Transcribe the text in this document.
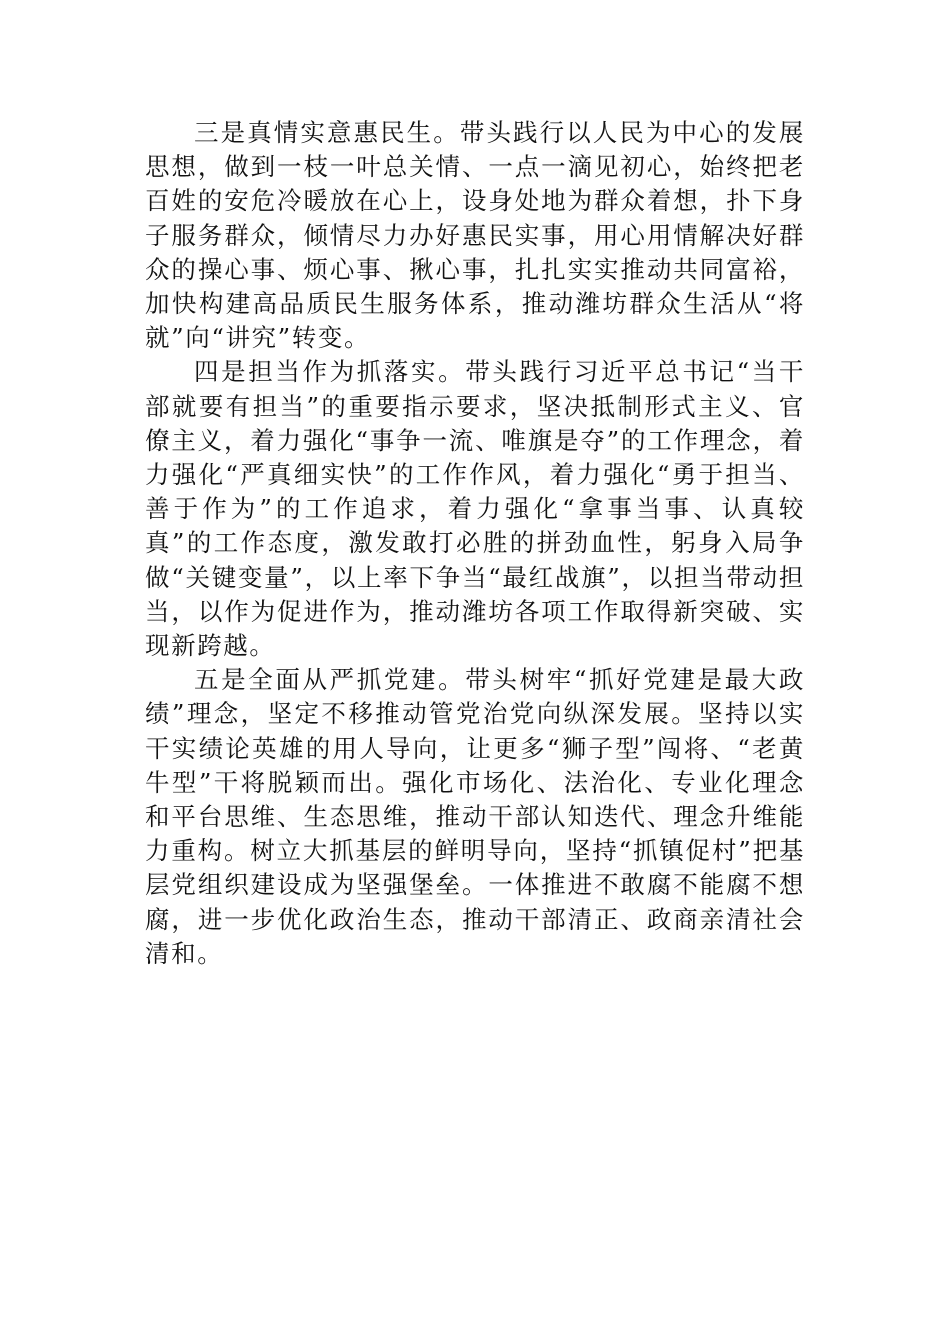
三是真情实意惠民生。带头践行以人民为中心的发展思想，做到一枝一叶总关情、一点一滴见初心，始终把老百姓的安危冷暖放在心上，设身处地为群众着想，扑下身子服务群众，倾情尽力办好惠民实事，用心用情解决好群众的操心事、烦心事、揪心事，扎扎实实推动共同富裕，加快构建高品质民生服务体系，推动潍坊群众生活从“将就”向“讲究”转变。

四是担当作为抓落实。带头践行习近平总书记“当干部就要有担当”的重要指示要求，坚决抵制形式主义、官僚主义，着力强化“事争一流、唯旗是夺”的工作理念，着力强化“严真细实快”的工作作风，着力强化“勇于担当、善于作为”的工作追求，着力强化“拿事当事、认真较真”的工作态度，激发敢打必胜的拼劲血性，躬身入局争做“关键变量”，以上率下争当“最红战旗”，以担当带动担当，以作为促进作为，推动潍坊各项工作取得新突破、实现新跨越。

五是全面从严抓党建。带头树牢“抓好党建是最大政绩”理念，坚定不移推动管党治党向纵深发展。坚持以实干实绩论英雄的用人导向，让更多“狮子型”闯将、“老黄牛型”干将脱颖而出。强化市场化、法治化、专业化理念和平台思维、生态思维，推动干部认知迭代、理念升维能力重构。树立大抓基层的鲜明导向，坚持“抓镇促村”把基层党组织建设成为坚强堡垒。一体推进不敢腐不能腐不想腐，进一步优化政治生态，推动干部清正、政商亲清社会清和。
